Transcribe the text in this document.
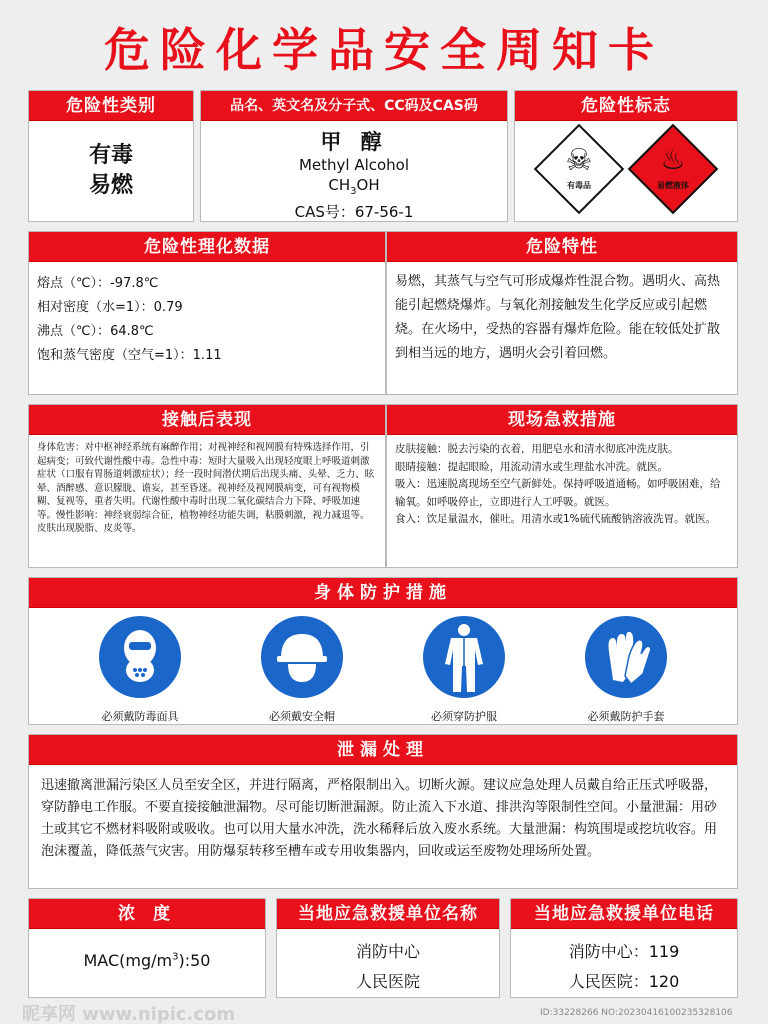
危险化学品安全周知卡
危险性类别
有毒
易燃
品名、英文名及分子式、CC码及CAS码
甲 醇
Methyl Alcohol
$CH_3OH$
CAS号：67-56-1
危险性标志
☠
有毒品
♨
易燃液体
危险性理化数据
熔点（℃）：-97.8℃
相对密度（水=1）：0.79
沸点（℃）：64.8℃
饱和蒸气密度（空气=1）：1.11
危险特性
易燃，其蒸气与空气可形成爆炸性混合物。遇明火、高热能引起燃烧爆炸。与氧化剂接触发生化学反应或引起燃烧。在火场中，受热的容器有爆炸危险。能在较低处扩散到相当远的地方，遇明火会引着回燃。
接触后表现
身体危害：对中枢神经系统有麻醉作用；对视神经和视网膜有特殊选择作用，引起病变；可致代谢性酸中毒。急性中毒：短时大量吸入出现轻度眼上呼吸道刺激症状（口服有胃肠道刺激症状）；经一段时间潜伏期后出现头痛、头晕、乏力、眩晕、酒醉感、意识朦胧、谵妄，甚至昏迷。视神经及视网膜病变，可有视物模糊、复视等，重者失明。代谢性酸中毒时出现二氧化碳结合力下降、呼吸加速等。慢性影响：神经衰弱综合征，植物神经功能失调，粘膜刺激，视力减退等。皮肤出现脱脂、皮炎等。
现场急救措施
皮肤接触：脱去污染的衣着，用肥皂水和清水彻底冲洗皮肤。
眼睛接触：提起眼睑，用流动清水或生理盐水冲洗。就医。
吸入：迅速脱离现场至空气新鲜处。保持呼吸道通畅。如呼吸困难，给输氧。如呼吸停止，立即进行人工呼吸。就医。
食入：饮足量温水，催吐。用清水或1%硫代硫酸钠溶液洗胃。就医。
身体防护措施
必须戴防毒面具	必须戴安全帽	必须穿防护服	必须戴防护手套
泄漏处理
迅速撤离泄漏污染区人员至安全区，并进行隔离，严格限制出入。切断火源。建议应急处理人员戴自给正压式呼吸器，穿防静电工作服。不要直接接触泄漏物。尽可能切断泄漏源。防止流入下水道、排洪沟等限制性空间。小量泄漏：用砂土或其它不燃材料吸附或吸收。也可以用大量水冲洗，洗水稀释后放入废水系统。大量泄漏：构筑围堤或挖坑收容。用泡沫覆盖，降低蒸气灾害。用防爆泵转移至槽车或专用收集器内，回收或运至废物处理场所处置。
浓 度
$MAC(mg/m^3):50$
当地应急救援单位名称
消防中心
人民医院
当地应急救援单位电话
消防中心：119
人民医院：120
昵享网 www.nipic.com	ID:33228266 NO:20230416100235328106
